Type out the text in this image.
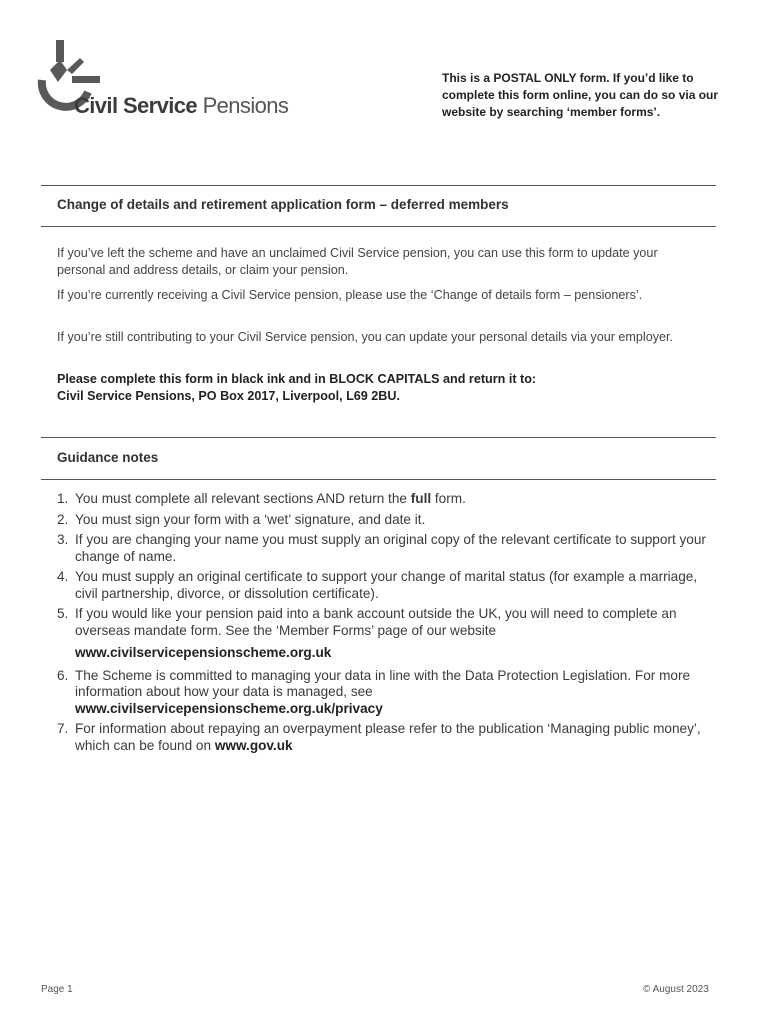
Civil Service Pensions
This is a POSTAL ONLY form. If you’d like to complete this form online, you can do so via our website by searching ‘member forms’.
Change of details and retirement application form – deferred members

If you’ve left the scheme and have an unclaimed Civil Service pension, you can use this form to update your personal and address details, or claim your pension.

If you’re currently receiving a Civil Service pension, please use the ‘Change of details form – pensioners’.

If you’re still contributing to your Civil Service pension, you can update your personal details via your employer.

Please complete this form in black ink and in BLOCK CAPITALS and return it to:

Civil Service Pensions, PO Box 2017, Liverpool, L69 2BU.

Guidance notes
1. You must complete all relevant sections AND return the full form.
2. You must sign your form with a ‘wet’ signature, and date it.
3. If you are changing your name you must supply an original copy of the relevant certificate to support your change of name.
4. You must supply an original certificate to support your change of marital status (for example a marriage, civil partnership, divorce, or dissolution certificate).
5. If you would like your pension paid into a bank account outside the UK, you will need to complete an overseas mandate form. See the ‘Member Forms’ page of our website
www.civilservicepensionscheme.org.uk
6. The Scheme is committed to managing your data in line with the Data Protection Legislation. For more information about how your data is managed, see
www.civilservicepensionscheme.org.uk/privacy
7. For information about repaying an overpayment please refer to the publication ‘Managing public money’, which can be found on www.gov.uk
Page 1	© August 2023
